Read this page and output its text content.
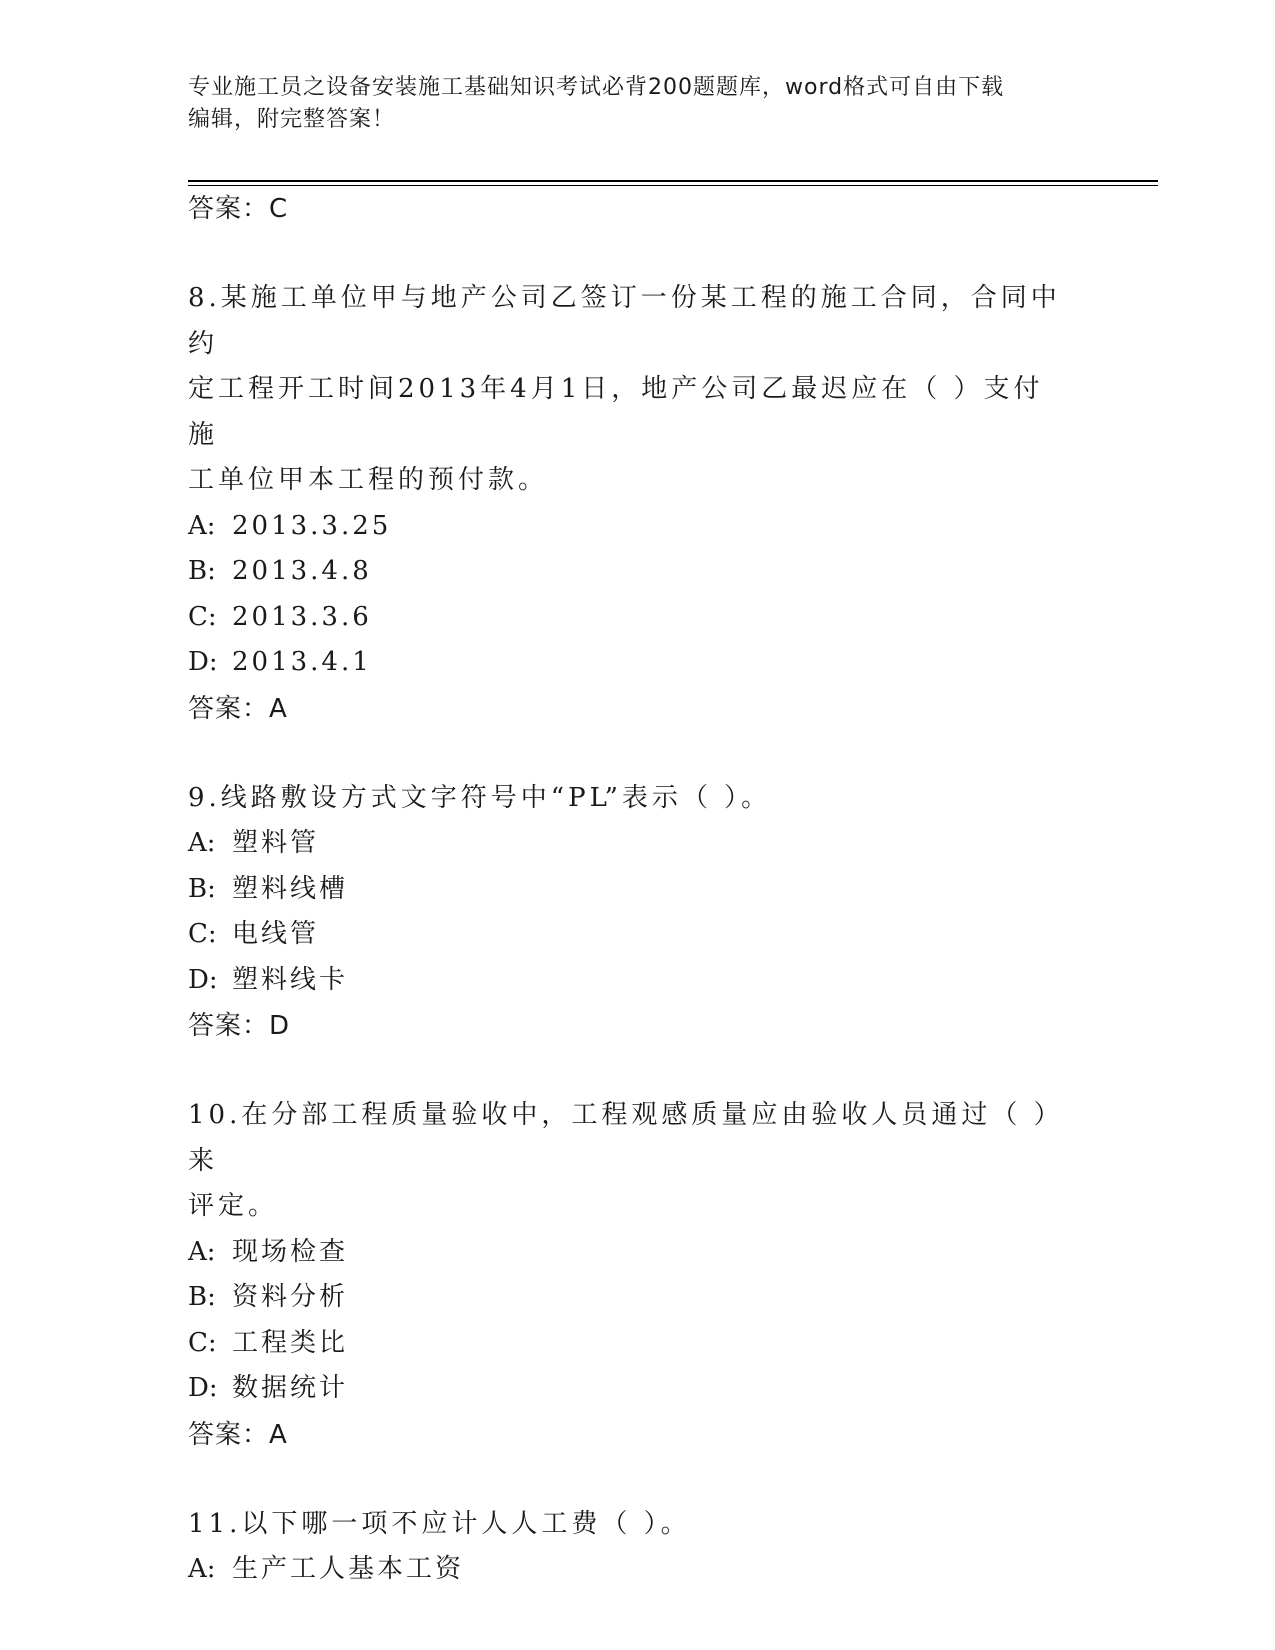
专业施工员之设备安装施工基础知识考试必背200题题库，word格式可自由下载
编辑，附完整答案！
答案：C
8.某施工单位甲与地产公司乙签订一份某工程的施工合同，合同中约
定工程开工时间2013年4月1日，地产公司乙最迟应在（ ）支付施
工单位甲本工程的预付款。
A: 2013.3.25
B: 2013.4.8
C: 2013.3.6
D: 2013.4.1
答案：A
9.线路敷设方式文字符号中“PL”表示（ ）。
A: 塑料管
B: 塑料线槽
C: 电线管
D: 塑料线卡
答案：D
10.在分部工程质量验收中，工程观感质量应由验收人员通过（ ）来
评定。
A: 现场检查
B: 资料分析
C: 工程类比
D: 数据统计
答案：A
11.以下哪一项不应计人人工费（ ）。
A: 生产工人基本工资
